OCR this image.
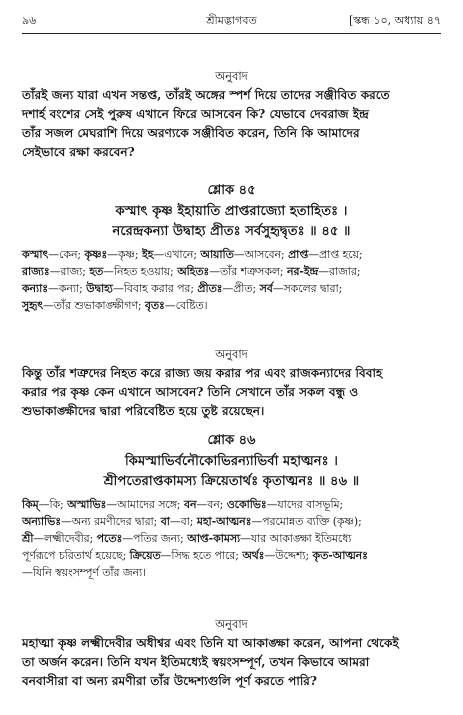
৯৬	শ্রীমদ্ভাগবত	[স্কন্ধ ১০, অধ্যায় ৪৭
অনুবাদ
তাঁরই জন্য যারা এখন সন্তপ্ত, তাঁরই অঙ্গের স্পর্শ দিয়ে তাদের সঞ্জীবিত করতে
দশার্হ বংশের সেই পুরুষ এখানে ফিরে আসবেন কি? যেভাবে দেবরাজ ইন্দ্র
তাঁর সজল মেঘরাশি দিয়ে অরণ্যকে সঞ্জীবিত করেন, তিনি কি আমাদের
সেইভাবে রক্ষা করবেন?
শ্লোক ৪৫
কস্মাৎ কৃষ্ণ ইহায়াতি প্রাপ্তরাজ্যো হতাহিতঃ ।
নরেন্দ্রকন্যা উদ্বাহ্য প্রীতঃ সর্বসুহৃদ্বৃতঃ ॥ ৪৫ ॥
কস্মাৎ—কেন; কৃষ্ণঃ—কৃষ্ণ; ইহ—এখানে; আয়াতি—আসবেন; প্রাপ্ত—প্রাপ্ত হয়ে;
রাজ্যঃ—রাজ্য; হত—নিহত হওয়ায়; অহিতঃ—তাঁর শত্রুসকল; নর-ইন্দ্র—রাজার;
কন্যাঃ—কন্যা; উদ্বাহ্য—বিবাহ করার পর; প্রীতঃ—প্রীত; সর্ব—সকলের দ্বারা;
সুহৃৎ—তাঁর শুভাকাঙ্ক্ষীগণ; বৃতঃ—বেষ্টিত।
অনুবাদ
কিন্তু তাঁর শত্রুদের নিহত করে রাজ্য জয় করার পর এবং রাজকন্যাদের বিবাহ
করার পর কৃষ্ণ কেন এখানে আসবেন? তিনি সেখানে তাঁর সকল বন্ধু ও
শুভাকাঙ্ক্ষীদের দ্বারা পরিবেষ্টিত হয়ে তুষ্ট রয়েছেন।
শ্লোক ৪৬
কিমস্মাভির্বনৌকোভিরন্যাভির্বা মহাত্মনঃ ।
শ্রীপতেরাপ্তকামস্য ক্রিয়েতার্থঃ কৃতাত্মনঃ ॥ ৪৬ ॥
কিম্—কি; অস্মাভিঃ—আমাদের সঙ্গে; বন—বন; ওকোভিঃ—যাদের বাসভূমি;
অন্যাভিঃ—অন্য রমণীদের দ্বারা; বা—বা; মহা-আত্মনঃ—পরমোন্নত ব্যক্তি (কৃষ্ণ);
শ্রী—লক্ষ্মীদেবীর; পতেঃ—পতির জন্য; আপ্ত-কামস্য—যার আকাঙ্ক্ষা ইতিমধ্যে
পূর্ণরূপে চরিতার্থ হয়েছে; ক্রিয়েত—সিদ্ধ হতে পারে; অর্থঃ—উদ্দেশ্য; কৃত-আত্মনঃ
—যিনি স্বয়ংসম্পূর্ণ তাঁর জন্য।
অনুবাদ
মহাত্মা কৃষ্ণ লক্ষ্মীদেবীর অধীশ্বর এবং তিনি যা আকাঙ্ক্ষা করেন, আপনা থেকেই
তা অর্জন করেন। তিনি যখন ইতিমধ্যেই স্বয়ংসম্পূর্ণ, তখন কিভাবে আমরা
বনবাসীরা বা অন্য রমণীরা তাঁর উদ্দেশ্যগুলি পূর্ণ করতে পারি?
